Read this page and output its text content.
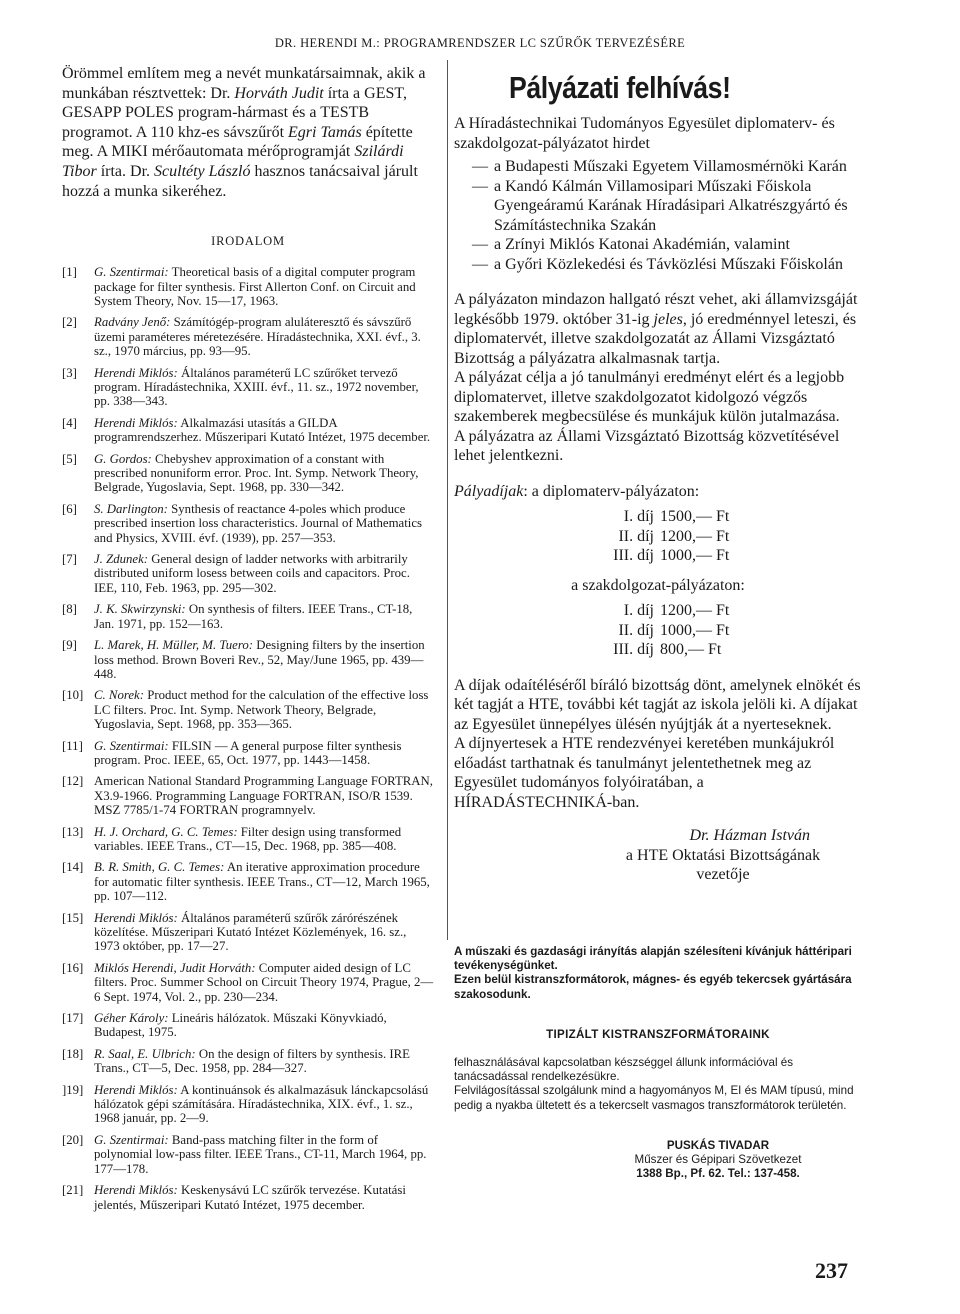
DR. HERENDI M.: PROGRAMRENDSZER LC SZŰRŐK TERVEZÉSÉRE

Örömmel említem meg a nevét munkatársaimnak, akik a munkában résztvettek: Dr. Horváth Judit írta a GEST, GESAPP POLES program-hármast és a TESTB programot. A 110 khz-es sávszűrőt Egri Tamás építette meg. A MIKI mérőautomata mérőprogramját Szilárdi Tibor írta. Dr. Scultéty László hasznos tanácsaival járult hozzá a munka sikeréhez.

IRODALOM
[1] G. Szentirmai: Theoretical basis of a digital computer program package for filter synthesis. First Allerton Conf. on Circuit and System Theory, Nov. 15—17, 1963.
[2] Radvány Jenő: Számítógép-program aluláteresztő és sávszűrő üzemi paraméteres méretezésére. Híradástechnika, XXI. évf., 3. sz., 1970 március, pp. 93—95.
[3] Herendi Miklós: Általános paraméterű LC szűrőket tervező program. Híradástechnika, XXIII. évf., 11. sz., 1972 november, pp. 338—343.
[4] Herendi Miklós: Alkalmazási utasítás a GILDA programrendszerhez. Műszeripari Kutató Intézet, 1975 december.
[5] G. Gordos: Chebyshev approximation of a constant with prescribed nonuniform error. Proc. Int. Symp. Network Theory, Belgrade, Yugoslavia, Sept. 1968, pp. 330—342.
[6] S. Darlington: Synthesis of reactance 4-poles which produce prescribed insertion loss characteristics. Journal of Mathematics and Physics, XVIII. évf. (1939), pp. 257—353.
[7] J. Zdunek: General design of ladder networks with arbitrarily distributed uniform losess between coils and capacitors. Proc. IEE, 110, Feb. 1963, pp. 295—302.
[8] J. K. Skwirzynski: On synthesis of filters. IEEE Trans., CT-18, Jan. 1971, pp. 152—163.
[9] L. Marek, H. Müller, M. Tuero: Designing filters by the insertion loss method. Brown Boveri Rev., 52, May/June 1965, pp. 439—448.
[10] C. Norek: Product method for the calculation of the effective loss LC filters. Proc. Int. Symp. Network Theory, Belgrade, Yugoslavia, Sept. 1968, pp. 353—365.
[11] G. Szentirmai: FILSIN — A general purpose filter synthesis program. Proc. IEEE, 65, Oct. 1977, pp. 1443—1458.
[12] American National Standard Programming Language FORTRAN, X3.9-1966. Programming Language FORTRAN, ISO/R 1539. MSZ 7785/1-74 FORTRAN programnyelv.
[13] H. J. Orchard, G. C. Temes: Filter design using transformed variables. IEEE Trans., CT—15, Dec. 1968, pp. 385—408.
[14] B. R. Smith, G. C. Temes: An iterative approximation procedure for automatic filter synthesis. IEEE Trans., CT—12, March 1965, pp. 107—112.
[15] Herendi Miklós: Általános paraméterű szűrők zárórészének közelítése. Műszeripari Kutató Intézet Közlemények, 16. sz., 1973 október, pp. 17—27.
[16] Miklós Herendi, Judit Horváth: Computer aided design of LC filters. Proc. Summer School on Circuit Theory 1974, Prague, 2—6 Sept. 1974, Vol. 2., pp. 230—234.
[17] Géher Károly: Lineáris hálózatok. Műszaki Könyvkiadó, Budapest, 1975.
[18] R. Saal, E. Ulbrich: On the design of filters by synthesis. IRE Trans., CT—5, Dec. 1958, pp. 284—327.
]19] Herendi Miklós: A kontinuánsok és alkalmazásuk lánckapcsolású hálózatok gépi számítására. Híradástechnika, XIX. évf., 1. sz., 1968 január, pp. 2—9.
[20] G. Szentirmai: Band-pass matching filter in the form of polynomial low-pass filter. IEEE Trans., CT-11, March 1964, pp. 177—178.
[21] Herendi Miklós: Keskenysávú LC szűrők tervezése. Kutatási jelentés, Műszeripari Kutató Intézet, 1975 december.
Pályázati felhívás!

A Híradástechnikai Tudományos Egyesület diplomaterv- és szakdolgozat-pályázatot hirdet

— a Budapesti Műszaki Egyetem Villamosmérnöki Karán
— a Kandó Kálmán Villamosipari Műszaki Főiskola Gyengeáramú Karának Híradásipari Alkatrészgyártó és Számítástechnika Szakán
— a Zrínyi Miklós Katonai Akadémián, valamint
— a Győri Közlekedési és Távközlési Műszaki Főiskolán

A pályázaton mindazon hallgató részt vehet, aki államvizsgáját legkésőbb 1979. október 31-ig jeles, jó eredménnyel leteszi, és diplomatervét, illetve szakdolgozatát az Állami Vizsgáztató Bizottság a pályázatra alkalmasnak tartja.

A pályázat célja a jó tanulmányi eredményt elért és a legjobb diplomatervet, illetve szakdolgozatot kidolgozó végzős szakemberek megbecsülése és munkájuk külön jutalmazása.

A pályázatra az Állami Vizsgáztató Bizottság közvetítésével lehet jelentkezni.

Pályadíjak: a diplomaterv-pályázaton:

I. díj 1500,— Ft
II. díj 1200,— Ft
III. díj 1000,— Ft

a szakdolgozat-pályázaton:

I. díj 1200,— Ft
II. díj 1000,— Ft
III. díj 800,— Ft

A díjak odaítéléséről bíráló bizottság dönt, amelynek elnökét és két tagját a HTE, további két tagját az iskola jelöli ki. A díjakat az Egyesület ünnepélyes ülésén nyújtják át a nyerteseknek.

A díjnyertesek a HTE rendezvényei keretében munkájukról előadást tarthatnak és tanulmányt jelentethetnek meg az Egyesület tudományos folyóiratában, a HÍRADÁSTECHNIKÁ-ban.

Dr. Házman István
a HTE Oktatási Bizottságának
vezetője
A műszaki és gazdasági irányítás alapján szélesíteni kívánjuk háttéripari tevékenységünket.
Ezen belül kistranszformátorok, mágnes- és egyéb tekercsek gyártására szakosodunk.
TIPIZÁLT KISTRANSZFORMÁTORAINK
felhasználásával kapcsolatban készséggel állunk információval és tanácsadással rendelkezésükre.
Felvilágosítással szolgálunk mind a hagyományos M, EI és MAM típusú, mind pedig a nyakba ültetett és a tekercselt vasmagos transzformátorok területén.
PUSKÁS TIVADAR
Műszer és Gépipari Szövetkezet
1388 Bp., Pf. 62. Tel.: 137-458.
237
